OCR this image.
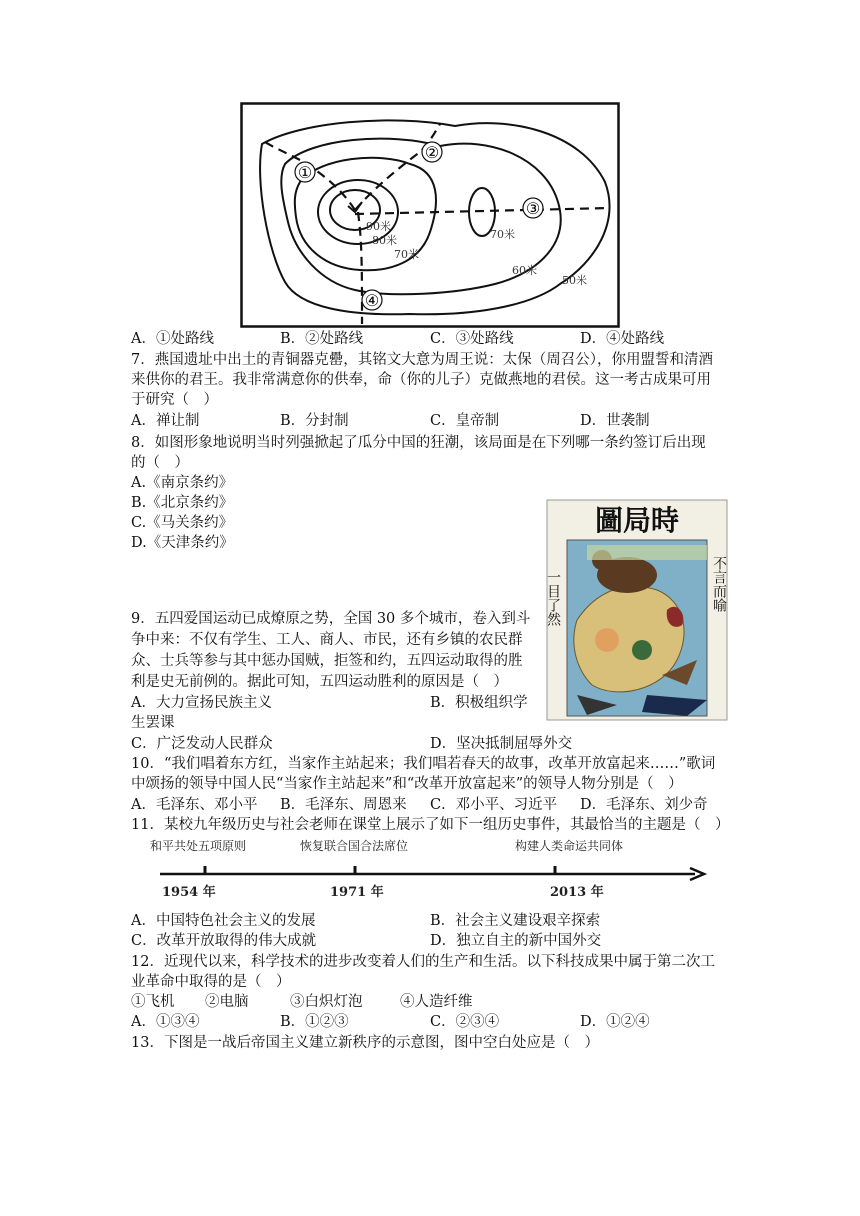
①
②
③
④
90米
80米
70米
70米
60米
50米
A．①处路线	B．②处路线	C．③处路线	D．④处路线
7．燕国遗址中出土的青铜器克罍，其铭文大意为周王说：太保（周召公），你用盟誓和清酒
来供你的君王。我非常满意你的供奉，命（你的儿子）克做燕地的君侯。这一考古成果可用
于研究（　）
A．禅让制	B．分封制	C．皇帝制	D．世袭制
8．如图形象地说明当时列强掀起了瓜分中国的狂潮，该局面是在下列哪一条约签订后出现
的（　）
A.《南京条约》
B.《北京条约》
C.《马关条约》
D.《天津条约》
圖局時
一目了然	不言而喻
9．五四爱国运动已成燎原之势，全国 30 多个城市，卷入到斗
争中来：不仅有学生、工人、商人、市民，还有乡镇的农民群
众、士兵等参与其中惩办国贼，拒签和约，五四运动取得的胜
利是史无前例的。据此可知，五四运动胜利的原因是（　）
A．大力宣扬民族主义	B．积极组织学
生罢课
C．广泛发动人民群众	D．坚决抵制屈辱外交
10．“我们唱着东方红，当家作主站起来；我们唱若春天的故事，改革开放富起来……”歌词
中颂扬的领导中国人民“当家作主站起来”和“改革开放富起来”的领导人物分别是（　）
A．毛泽东、邓小平 B．毛泽东、周恩来 C．邓小平、习近平 D．毛泽东、刘少奇
11．某校九年级历史与社会老师在课堂上展示了如下一组历史事件，其最恰当的主题是（　）
和平共处五项原则	恢复联合国合法席位	构建人类命运共同体
1954 年	1971 年	2013 年
A．中国特色社会主义的发展	B．社会主义建设艰辛探索
C．改革开放取得的伟大成就	D．独立自主的新中国外交
12．近现代以来，科学技术的进步改变着人们的生产和生活。以下科技成果中属于第二次工
业革命中取得的是（　）
①飞机 ②电脑	③白炽灯泡	④人造纤维
A．①③④	B．①②③	C．②③④	D．①②④
13．下图是一战后帝国主义建立新秩序的示意图，图中空白处应是（　）
